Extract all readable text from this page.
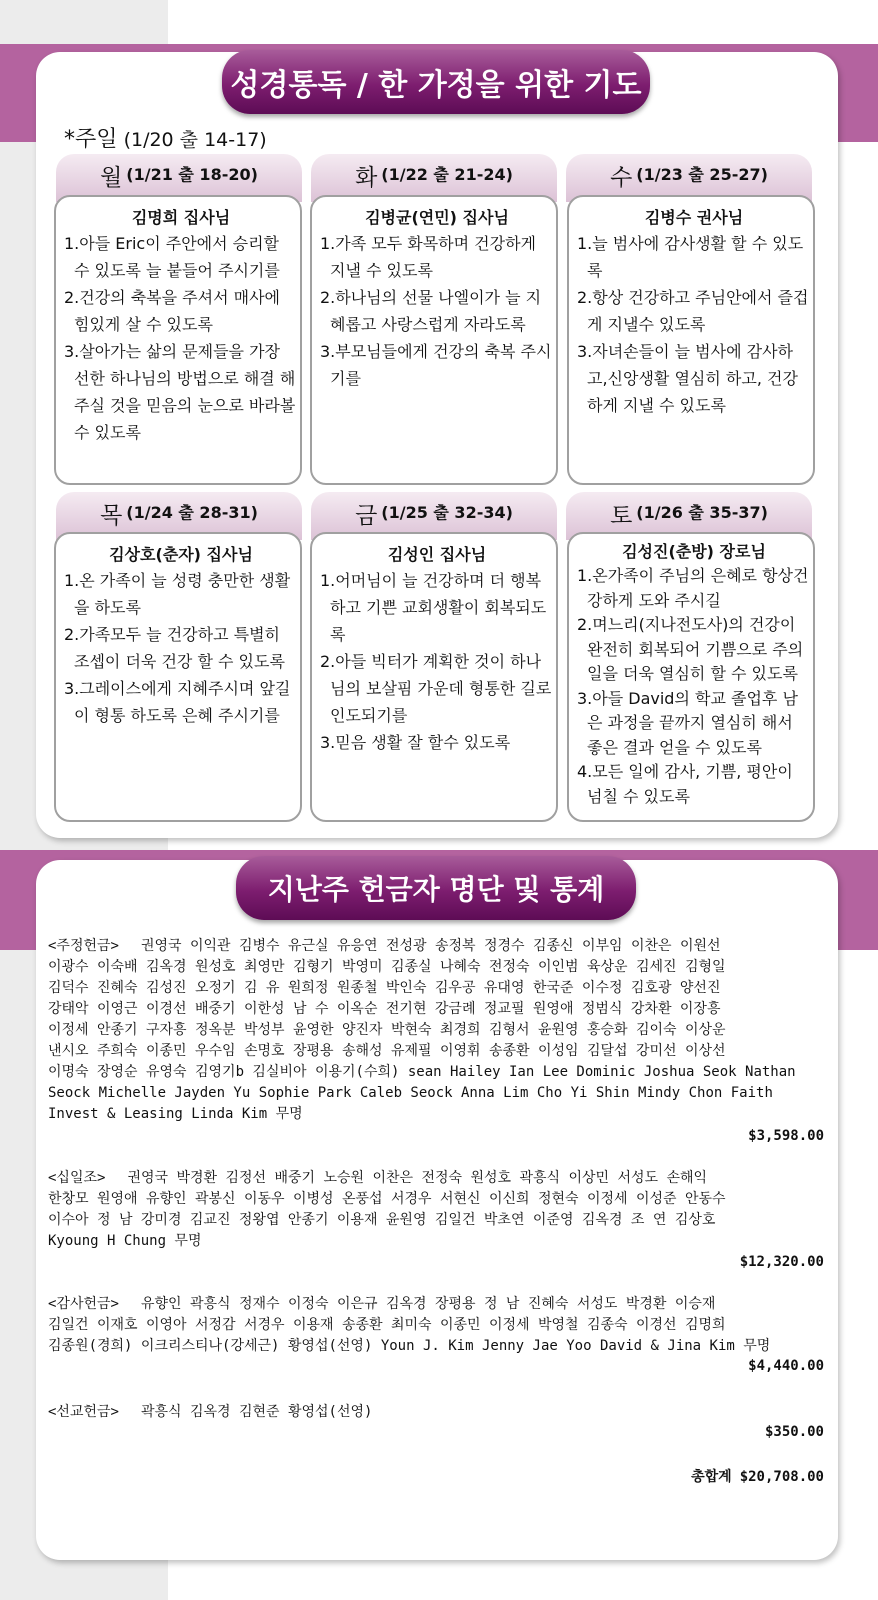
성경통독 / 한 가정을 위한 기도
지난주 헌금자 명단 및 통계
*주일 (1/20 출 14-17)
월 (1/21 출 18-20)	화 (1/22 출 21-24)	수 (1/23 출 25-27)
김명희 집사님
1.아들 Eric이 주안에서 승리할 수 있도록 늘 붙들어 주시기를
2.건강의 축복을 주셔서 매사에 힘있게 살 수 있도록
3.살아가는 삶의 문제들을 가장 선한 하나님의 방법으로 해결 해 주실 것을 믿음의 눈으로 바라볼 수 있도록
김병균(연민) 집사님
1.가족 모두 화목하며 건강하게 지낼 수 있도록
2.하나님의 선물 나엘이가 늘 지혜롭고 사랑스럽게 자라도록
3.부모님들에게 건강의 축복 주시기를
김병수 권사님
1.늘 범사에 감사생활 할 수 있도록
2.항상 건강하고 주님안에서 즐겁게 지낼수 있도록
3.자녀손들이 늘 범사에 감사하고,신앙생활 열심히 하고, 건강하게 지낼 수 있도록
목 (1/24 출 28-31)	금 (1/25 출 32-34)	토 (1/26 출 35-37)
김상호(춘자) 집사님
1.온 가족이 늘 성령 충만한 생활을 하도록
2.가족모두 늘 건강하고 특별히 조셉이 더욱 건강 할 수 있도록
3.그레이스에게 지혜주시며 앞길이 형통 하도록 은혜 주시기를
김성인 집사님
1.어머님이 늘 건강하며 더 행복하고 기쁜 교회생활이 회복되도록
2.아들 빅터가 계획한 것이 하나님의 보살핌 가운데 형통한 길로 인도되기를
3.믿음 생활 잘 할수 있도록
김성진(춘방) 장로님
1.온가족이 주님의 은혜로 항상건강하게 도와 주시길
2.며느리(지나전도사)의 건강이 완전히 회복되어 기쁨으로 주의일을 더욱 열심히 할 수 있도록
3.아들 David의 학교 졸업후 남은 과정을 끝까지 열심히 해서 좋은 결과 얻을 수 있도록
4.모든 일에 감사, 기쁨, 평안이 넘칠 수 있도록
<주정헌금> 권영국 이익관 김병수 유근실 유응연 전성광 송정복 정경수 김종신 이부임 이찬은 이원선
이광수 이숙배 김옥경 원성호 최영만 김형기 박영미 김종실 나혜숙 전정숙 이인범 육상운 김세진 김형일
김덕수 진혜숙 김성진 오정기 김 유 원희정 원종철 박인숙 김우공 유대영 한국준 이수정 김호광 양선진
강태악 이영근 이경선 배중기 이한성 남 수 이옥순 전기현 강금례 정교필 원영애 정범식 강차환 이장흥
이정세 안종기 구자흥 정옥분 박성부 윤영한 양진자 박현숙 최경희 김형서 윤원영 홍승화 김이숙 이상운
낸시오 주희숙 이종민 우수임 손명호 장평용 송해성 유제필 이영휘 송종환 이성임 김달섭 강미선 이상선
이명숙 장영순 유영숙 김영기b 김실비아 이용기(수희) sean Hailey Ian Lee Dominic Joshua Seok Nathan
Seock Michelle Jayden Yu Sophie Park Caleb Seock Anna Lim Cho Yi Shin Mindy Chon Faith
Invest & Leasing Linda Kim 무명
$3,598.00
<십일조> 권영국 박경환 김정선 배중기 노승원 이찬은 전정숙 원성호 곽흥식 이상민 서성도 손해익
한창모 원영애 유향인 곽봉신 이동우 이병성 온풍섭 서경우 서현신 이신희 정현숙 이정세 이성준 안동수
이수아 정 남 강미경 김교진 정왕엽 안종기 이용재 윤원영 김일건 박초연 이준영 김옥경 조 연 김상호
Kyoung H Chung 무명
$12,320.00
<감사헌금> 유향인 곽흥식 정재수 이정숙 이은규 김옥경 장평용 정 남 진혜숙 서성도 박경환 이승재
김일건 이재호 이영아 서정감 서경우 이용재 송종환 최미숙 이종민 이정세 박영철 김종숙 이경선 김명희
김종원(경희) 이크리스티나(강세근) 황영섭(선영) Youn J. Kim Jenny Jae Yoo David & Jina Kim 무명
$4,440.00
<선교헌금> 곽흥식 김옥경 김현준 황영섭(선영)
$350.00
총합계 $20,708.00
